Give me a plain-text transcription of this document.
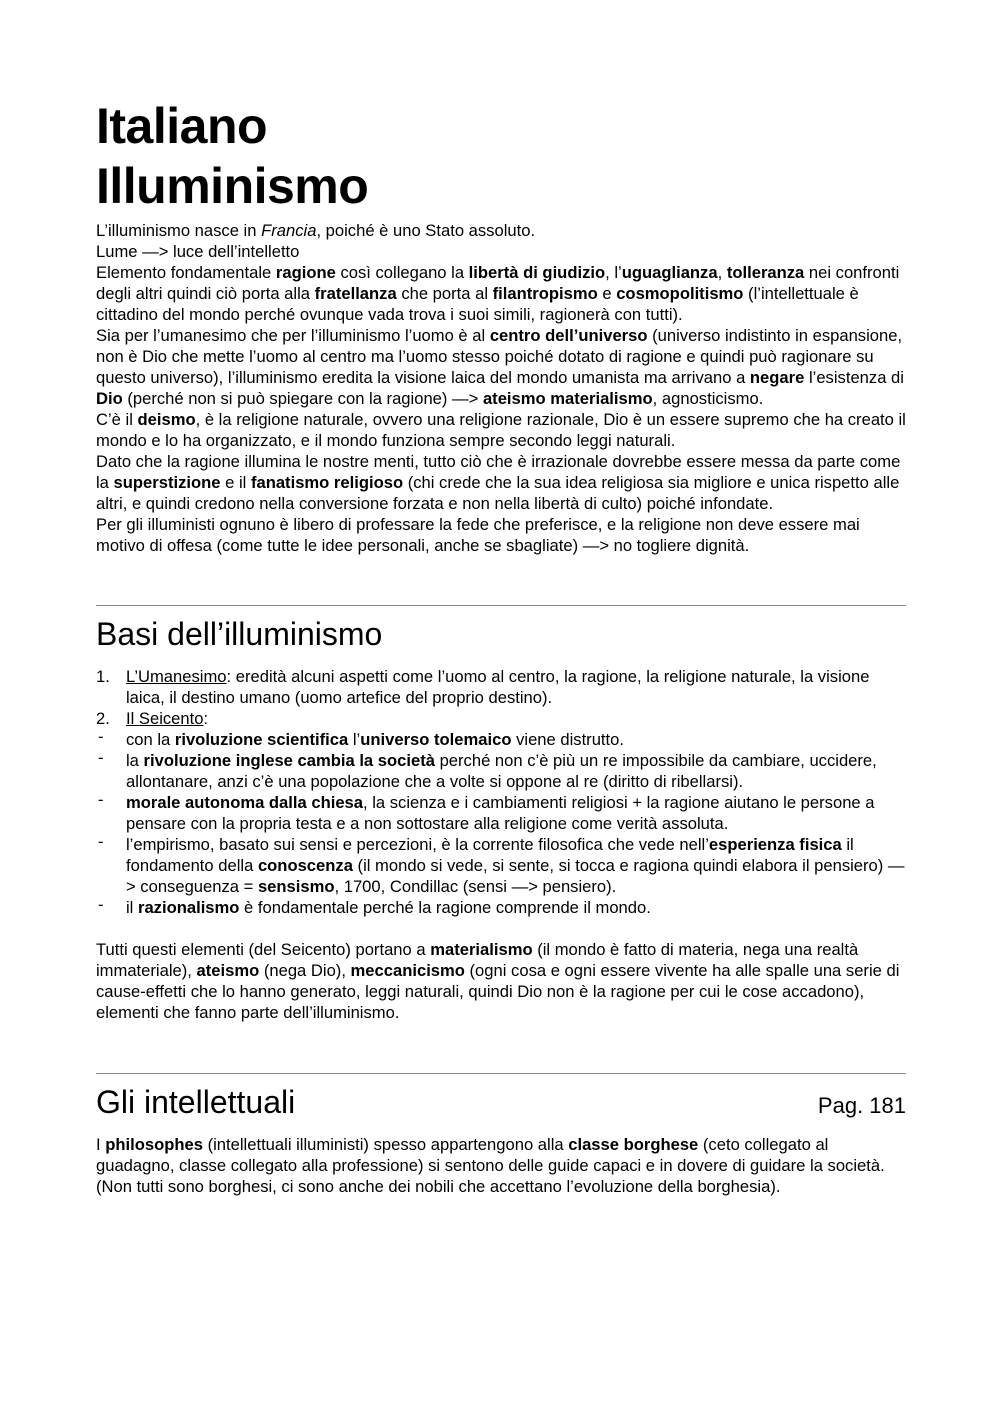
Italiano
Illuminismo

L’illuminismo nasce in Francia, poiché è uno Stato assoluto.

Lume —> luce dell’intelletto

Elemento fondamentale ragione così collegano la libertà di giudizio, l’uguaglianza, tolleranza nei confronti degli altri quindi ciò porta alla fratellanza che porta al filantropismo e cosmopolitismo (l’intellettuale è cittadino del mondo perché ovunque vada trova i suoi simili, ragionerà con tutti).

Sia per l’umanesimo che per l’illuminismo l’uomo è al centro dell’universo (universo indistinto in espansione, non è Dio che mette l’uomo al centro ma l’uomo stesso poiché dotato di ragione e quindi può ragionare su questo universo), l’illuminismo eredita la visione laica del mondo umanista ma arrivano a negare l’esistenza di Dio (perché non si può spiegare con la ragione) —> ateismo materialismo, agnosticismo.

C’è il deismo, è la religione naturale, ovvero una religione razionale, Dio è un essere supremo che ha creato il mondo e lo ha organizzato, e il mondo funziona sempre secondo leggi naturali.

Dato che la ragione illumina le nostre menti, tutto ciò che è irrazionale dovrebbe essere messa da parte come la superstizione e il fanatismo religioso (chi crede che la sua idea religiosa sia migliore e unica rispetto alle altri, e quindi credono nella conversione forzata e non nella libertà di culto) poiché infondate.

Per gli illuministi ognuno è libero di professare la fede che preferisce, e la religione non deve essere mai motivo di offesa (come tutte le idee personali, anche se sbagliate) —> no togliere dignità.

Basi dell’illuminismo
1. L’Umanesimo: eredità alcuni aspetti come l’uomo al centro, la ragione, la religione naturale, la visione laica, il destino umano (uomo artefice del proprio destino).
2. Il Seicento:
- con la rivoluzione scientifica l’universo tolemaico viene distrutto.
- la rivoluzione inglese cambia la società perché non c’è più un re impossibile da cambiare, uccidere, allontanare, anzi c’è una popolazione che a volte si oppone al re (diritto di ribellarsi).
- morale autonoma dalla chiesa, la scienza e i cambiamenti religiosi + la ragione aiutano le persone a pensare con la propria testa e a non sottostare alla religione come verità assoluta.
- l’empirismo, basato sui sensi e percezioni, è la corrente filosofica che vede nell’esperienza fisica il fondamento della conoscenza (il mondo si vede, si sente, si tocca e ragiona quindi elabora il pensiero) —> conseguenza = sensismo, 1700, Condillac (sensi —> pensiero).
- il razionalismo è fondamentale perché la ragione comprende il mondo.

Tutti questi elementi (del Seicento) portano a materialismo (il mondo è fatto di materia, nega una realtà immateriale), ateismo (nega Dio), meccanicismo (ogni cosa e ogni essere vivente ha alle spalle una serie di cause-effetti che lo hanno generato, leggi naturali, quindi Dio non è la ragione per cui le cose accadono), elementi che fanno parte dell’illuminismo.

Gli intellettuali	Pag. 181

I philosophes (intellettuali illuministi) spesso appartengono alla classe borghese (ceto collegato al guadagno, classe collegato alla professione) si sentono delle guide capaci e in dovere di guidare la società. (Non tutti sono borghesi, ci sono anche dei nobili che accettano l’evoluzione della borghesia).
